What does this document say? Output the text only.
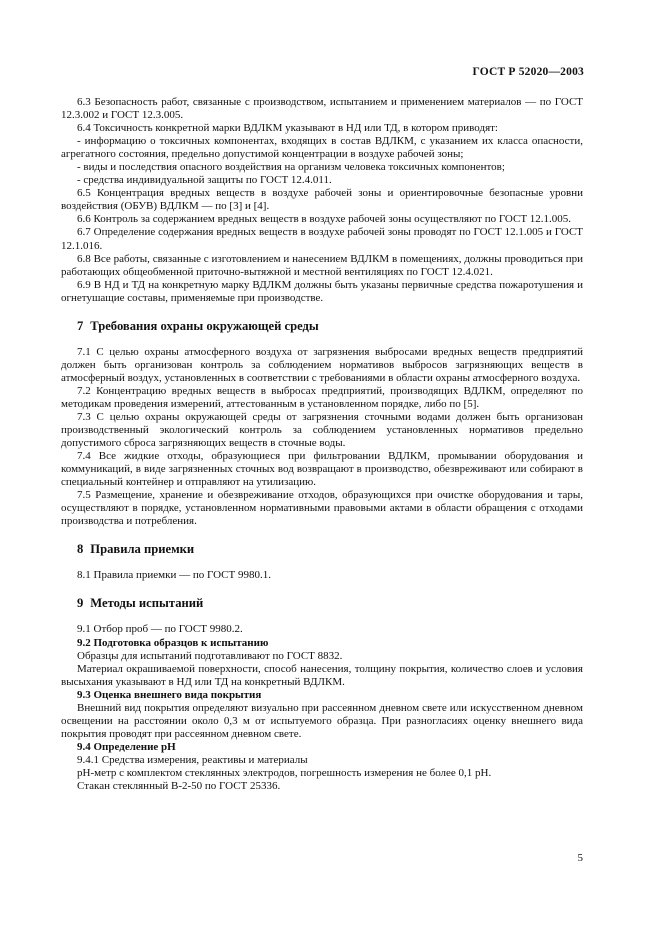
ГОСТ Р 52020—2003

6.3 Безопасность работ, связанные с производством, испытанием и применением материалов — по ГОСТ 12.3.002 и ГОСТ 12.3.005.

6.4 Токсичность конкретной марки ВДЛКМ указывают в НД или ТД, в котором приводят:

- информацию о токсичных компонентах, входящих в состав ВДЛКМ, с указанием их класса опасности, агрегатного состояния, предельно допустимой концентрации в воздухе рабочей зоны;

- виды и последствия опасного воздействия на организм человека токсичных компонентов;

- средства индивидуальной защиты по ГОСТ 12.4.011.

6.5 Концентрация вредных веществ в воздухе рабочей зоны и ориентировочные безопасные уровни воздействия (ОБУВ) ВДЛКМ — по [3] и [4].

6.6 Контроль за содержанием вредных веществ в воздухе рабочей зоны осуществляют по ГОСТ 12.1.005.

6.7 Определение содержания вредных веществ в воздухе рабочей зоны проводят по ГОСТ 12.1.005 и ГОСТ 12.1.016.

6.8 Все работы, связанные с изготовлением и нанесением ВДЛКМ в помещениях, должны проводиться при работающих общеобменной приточно-вытяжной и местной вентиляциях по ГОСТ 12.4.021.

6.9 В НД и ТД на конкретную марку ВДЛКМ должны быть указаны первичные средства пожаротушения и огнетушащие составы, применяемые при производстве.

7 Требования охраны окружающей среды

7.1 С целью охраны атмосферного воздуха от загрязнения выбросами вредных веществ предприятий должен быть организован контроль за соблюдением нормативов выбросов загрязняющих веществ в атмосферный воздух, установленных в соответствии с требованиями в области охраны атмосферного воздуха.

7.2 Концентрацию вредных веществ в выбросах предприятий, производящих ВДЛКМ, определяют по методикам проведения измерений, аттестованным в установленном порядке, либо по [5].

7.3 С целью охраны окружающей среды от загрязнения сточными водами должен быть организован производственный экологический контроль за соблюдением установленных нормативов предельно допустимого сброса загрязняющих веществ в сточные воды.

7.4 Все жидкие отходы, образующиеся при фильтровании ВДЛКМ, промывании оборудования и коммуникаций, в виде загрязненных сточных вод возвращают в производство, обезвреживают или собирают в специальный контейнер и отправляют на утилизацию.

7.5 Размещение, хранение и обезвреживание отходов, образующихся при очистке оборудования и тары, осуществляют в порядке, установленном нормативными правовыми актами в области обращения с отходами производства и потребления.

8 Правила приемки

8.1 Правила приемки — по ГОСТ 9980.1.

9 Методы испытаний

9.1 Отбор проб — по ГОСТ 9980.2.

9.2 Подготовка образцов к испытанию

Образцы для испытаний подготавливают по ГОСТ 8832.

Материал окрашиваемой поверхности, способ нанесения, толщину покрытия, количество слоев и условия высыхания указывают в НД или ТД на конкретный ВДЛКМ.

9.3 Оценка внешнего вида покрытия

Внешний вид покрытия определяют визуально при рассеянном дневном свете или искусственном дневном освещении на расстоянии около 0,3 м от испытуемого образца. При разногласиях оценку внешнего вида покрытия проводят при рассеянном дневном свете.

9.4 Определение рН

9.4.1 Средства измерения, реактивы и материалы

рН-метр с комплектом стеклянных электродов, погрешность измерения не более 0,1 рН.

Стакан стеклянный В-2-50 по ГОСТ 25336.

5
